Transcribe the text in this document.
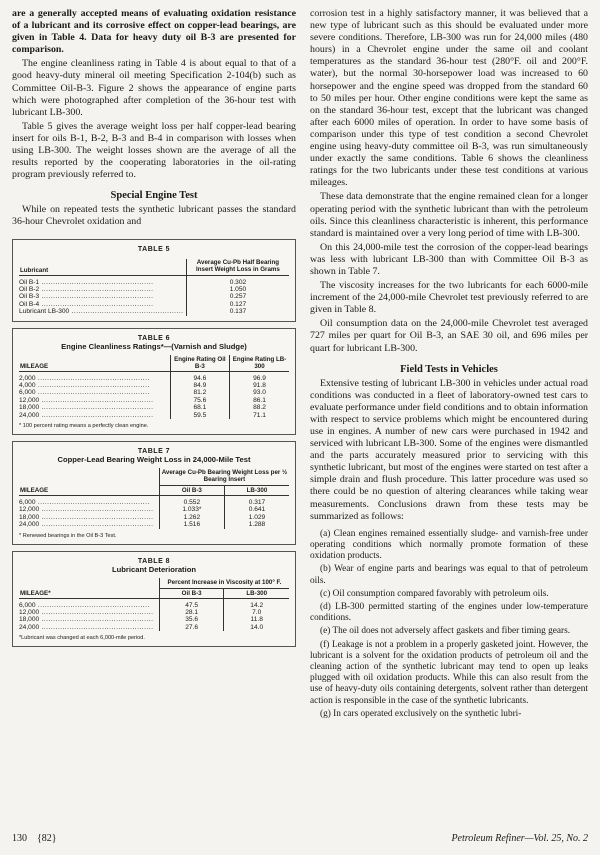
are a generally accepted means of evaluating oxidation resistance of a lubricant and its corrosive effect on copper-lead bearings, are given in Table 4. Data for heavy duty oil B-3 are presented for comparison.

The engine cleanliness rating in Table 4 is about equal to that of a good heavy-duty mineral oil meeting Specification 2-104(b) such as Committee Oil-B-3. Figure 2 shows the appearance of engine parts which were photographed after completion of the 36-hour test with lubricant LB-300.

Table 5 gives the average weight loss per half copper-lead bearing insert for oils B-1, B-2, B-3 and B-4 in comparison with losses when using LB-300. The weight losses shown are the average of all the results reported by the cooperating laboratories in the oil-rating program previously referred to.

Special Engine Test

While on repeated tests the synthetic lubricant passes the standard 36-hour Chevrolet oxidation and

TABLE 5
Lubricant	Average Cu-Pb Half Bearing Insert Weight Loss in Grams
Oil B-1 .....	0.302
Oil B-2 .....	1.050
Oil B-3 .....	0.257
Oil B-4 .....	0.127
Lubricant LB-300 .....	0.137
TABLE 6
Engine Cleanliness Ratings*—(Varnish and Sludge)
MILEAGE	Engine Rating Oil B-3	Engine Rating LB-300
2,000 .....	94.6	96.9
4,000 .....	84.9	91.8
6,000 .....	81.2	93.0
12,000 .....	75.6	86.1
18,000 .....	68.1	88.2
24,000 .....	59.5	71.1
* 100 percent rating means a perfectly clean engine.
TABLE 7
Copper-Lead Bearing Weight Loss in 24,000-Mile Test
MILEAGE	Average Cu-Pb Bearing Weight Loss per ½ Bearing Insert	
	Oil B-3	LB-300
6,000 .....	0.552	0.317
12,000 .....	1.033*	0.641
18,000 .....	1.262	1.029
24,000 .....	1.516	1.288
* Renewed bearings in the Oil B-3 Test.
TABLE 8
Lubricant Deterioration
MILEAGE*	Percent Increase in Viscosity at 100° F.	
	Oil B-3	LB-300
6,000 .....	47.5	14.2
12,000 .....	28.1	7.0
18,000 .....	35.6	11.8
24,000 .....	27.6	14.0
*Lubricant was changed at each 6,000-mile period.

corrosion test in a highly satisfactory manner, it was believed that a new type of lubricant such as this should be evaluated under more severe conditions. Therefore, LB-300 was run for 24,000 miles (480 hours) in a Chevrolet engine under the same oil and coolant temperatures as the standard 36-hour test (280°F. oil and 200°F. water), but the normal 30-horsepower load was increased to 60 horsepower and the engine speed was dropped from the standard 60 to 50 miles per hour. Other engine conditions were kept the same as on the standard 36-hour test, except that the lubricant was changed after each 6000 miles of operation. In order to have some basis of comparison under this type of test condition a second Chevrolet engine using heavy-duty committee oil B-3, was run simultaneously under exactly the same conditions. Table 6 shows the cleanliness ratings for the two lubricants under these test conditions at various mileages.

These data demonstrate that the engine remained clean for a longer operating period with the synthetic lubricant than with the petroleum oils. Since this cleanliness characteristic is inherent, this performance standard is maintained over a very long period of time with LB-300.

On this 24,000-mile test the corrosion of the copper-lead bearings was less with lubricant LB-300 than with Committee Oil B-3 as shown in Table 7.

The viscosity increases for the two lubricants for each 6000-mile increment of the 24,000-mile Chevrolet test previously referred to are given in Table 8.

Oil consumption data on the 24,000-mile Chevrolet test averaged 727 miles per quart for Oil B-3, an SAE 30 oil, and 696 miles per quart for lubricant LB-300.

Field Tests in Vehicles

Extensive testing of lubricant LB-300 in vehicles under actual road conditions was conducted in a fleet of laboratory-owned test cars to evaluate performance under field conditions and to obtain information with respect to service problems which might be encountered during use in engines. A number of new cars were purchased in 1942 and serviced with lubricant LB-300. Some of the engines were dismantled and the parts accurately measured prior to servicing with this synthetic lubricant, but most of the engines were started on test after a simple drain and flush procedure. This latter procedure was used so there could be no question of altering clearances while taking wear measurements. Conclusions drawn from these tests may be summarized as follows:

(a) Clean engines remained essentially sludge- and varnish-free under operating conditions which normally promote formation of these oxidation products.

(b) Wear of engine parts and bearings was equal to that of petroleum oils.

(c) Oil consumption compared favorably with petroleum oils.

(d) LB-300 permitted starting of the engines under low-temperature conditions.

(e) The oil does not adversely affect gaskets and fiber timing gears.

(f) Leakage is not a problem in a properly gasketed joint. However, the lubricant is a solvent for the oxidation products of petroleum oil and the cleaning action of the synthetic lubricant may tend to open up leaks plugged with oil oxidation products. While this can also result from the use of heavy-duty oils containing detergents, solvent rather than detergent action is responsible in the case of the synthetic lubricants.

(g) In cars operated exclusively on the synthetic lubri-

130 {82}	Petroleum Refiner—Vol. 25, No. 2
